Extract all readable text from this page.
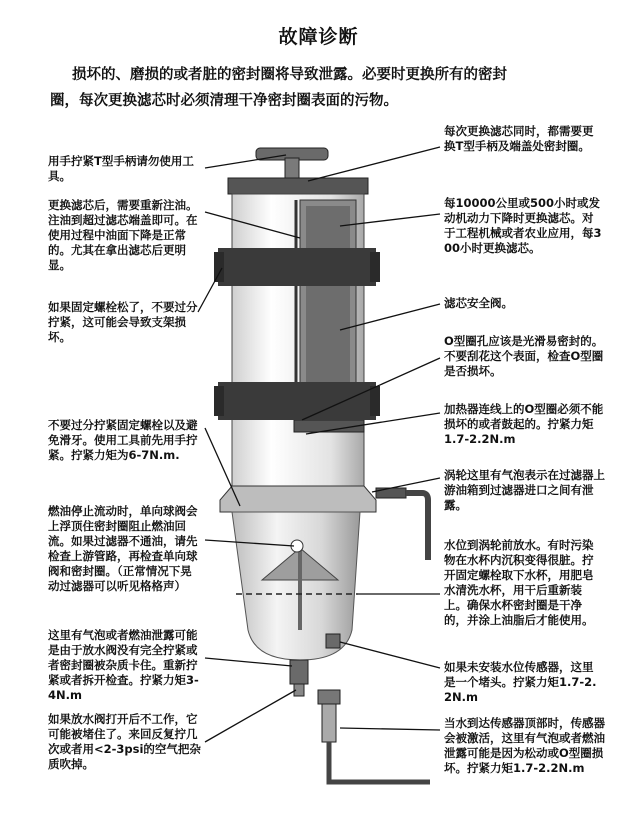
故障诊断

损坏的、磨损的或者脏的密封圈将导致泄露。必要时更换所有的密封

圈，每次更换滤芯时必须清理干净密封圈表面的污物。

用手拧紧T型手柄请勿使用工具。

更换滤芯后，需要重新注油。注油到超过滤芯端盖即可。在使用过程中油面下降是正常的。尤其在拿出滤芯后更明显。

如果固定螺栓松了，不要过分拧紧，这可能会导致支架损坏。

不要过分拧紧固定螺栓以及避免滑牙。使用工具前先用手拧紧。拧紧力矩为6-7N.m.

燃油停止流动时，单向球阀会上浮顶住密封圈阻止燃油回流。如果过滤器不通油，请先检查上游管路，再检查单向球阀和密封圈。（正常情况下晃动过滤器可以听见格格声）

这里有气泡或者燃油泄露可能是由于放水阀没有完全拧紧或者密封圈被杂质卡住。重新拧紧或者拆开检查。拧紧力矩3-4N.m

如果放水阀打开后不工作，它可能被堵住了。来回反复拧几次或者用<2-3psi的空气把杂质吹掉。

每次更换滤芯同时，都需要更换T型手柄及端盖处密封圈。

每10000公里或500小时或发动机动力下降时更换滤芯。对于工程机械或者农业应用，每300小时更换滤芯。

滤芯安全阀。

O型圈孔应该是光滑易密封的。不要刮花这个表面，检查O型圈是否损坏。

加热器连线上的O型圈必须不能损坏的或者鼓起的。拧紧力矩1.7-2.2N.m

涡轮这里有气泡表示在过滤器上游油箱到过滤器进口之间有泄露。

水位到涡轮前放水。有时污染物在水杯内沉积变得很脏。拧开固定螺栓取下水杯，用肥皂水清洗水杯，用干后重新装上。确保水杯密封圈是干净的，并涂上油脂后才能使用。

如果未安装水位传感器，这里是一个堵头。拧紧力矩1.7-2.2N.m

当水到达传感器顶部时，传感器会被激活，这里有气泡或者燃油泄露可能是因为松动或O型圈损坏。拧紧力矩1.7-2.2N.m
